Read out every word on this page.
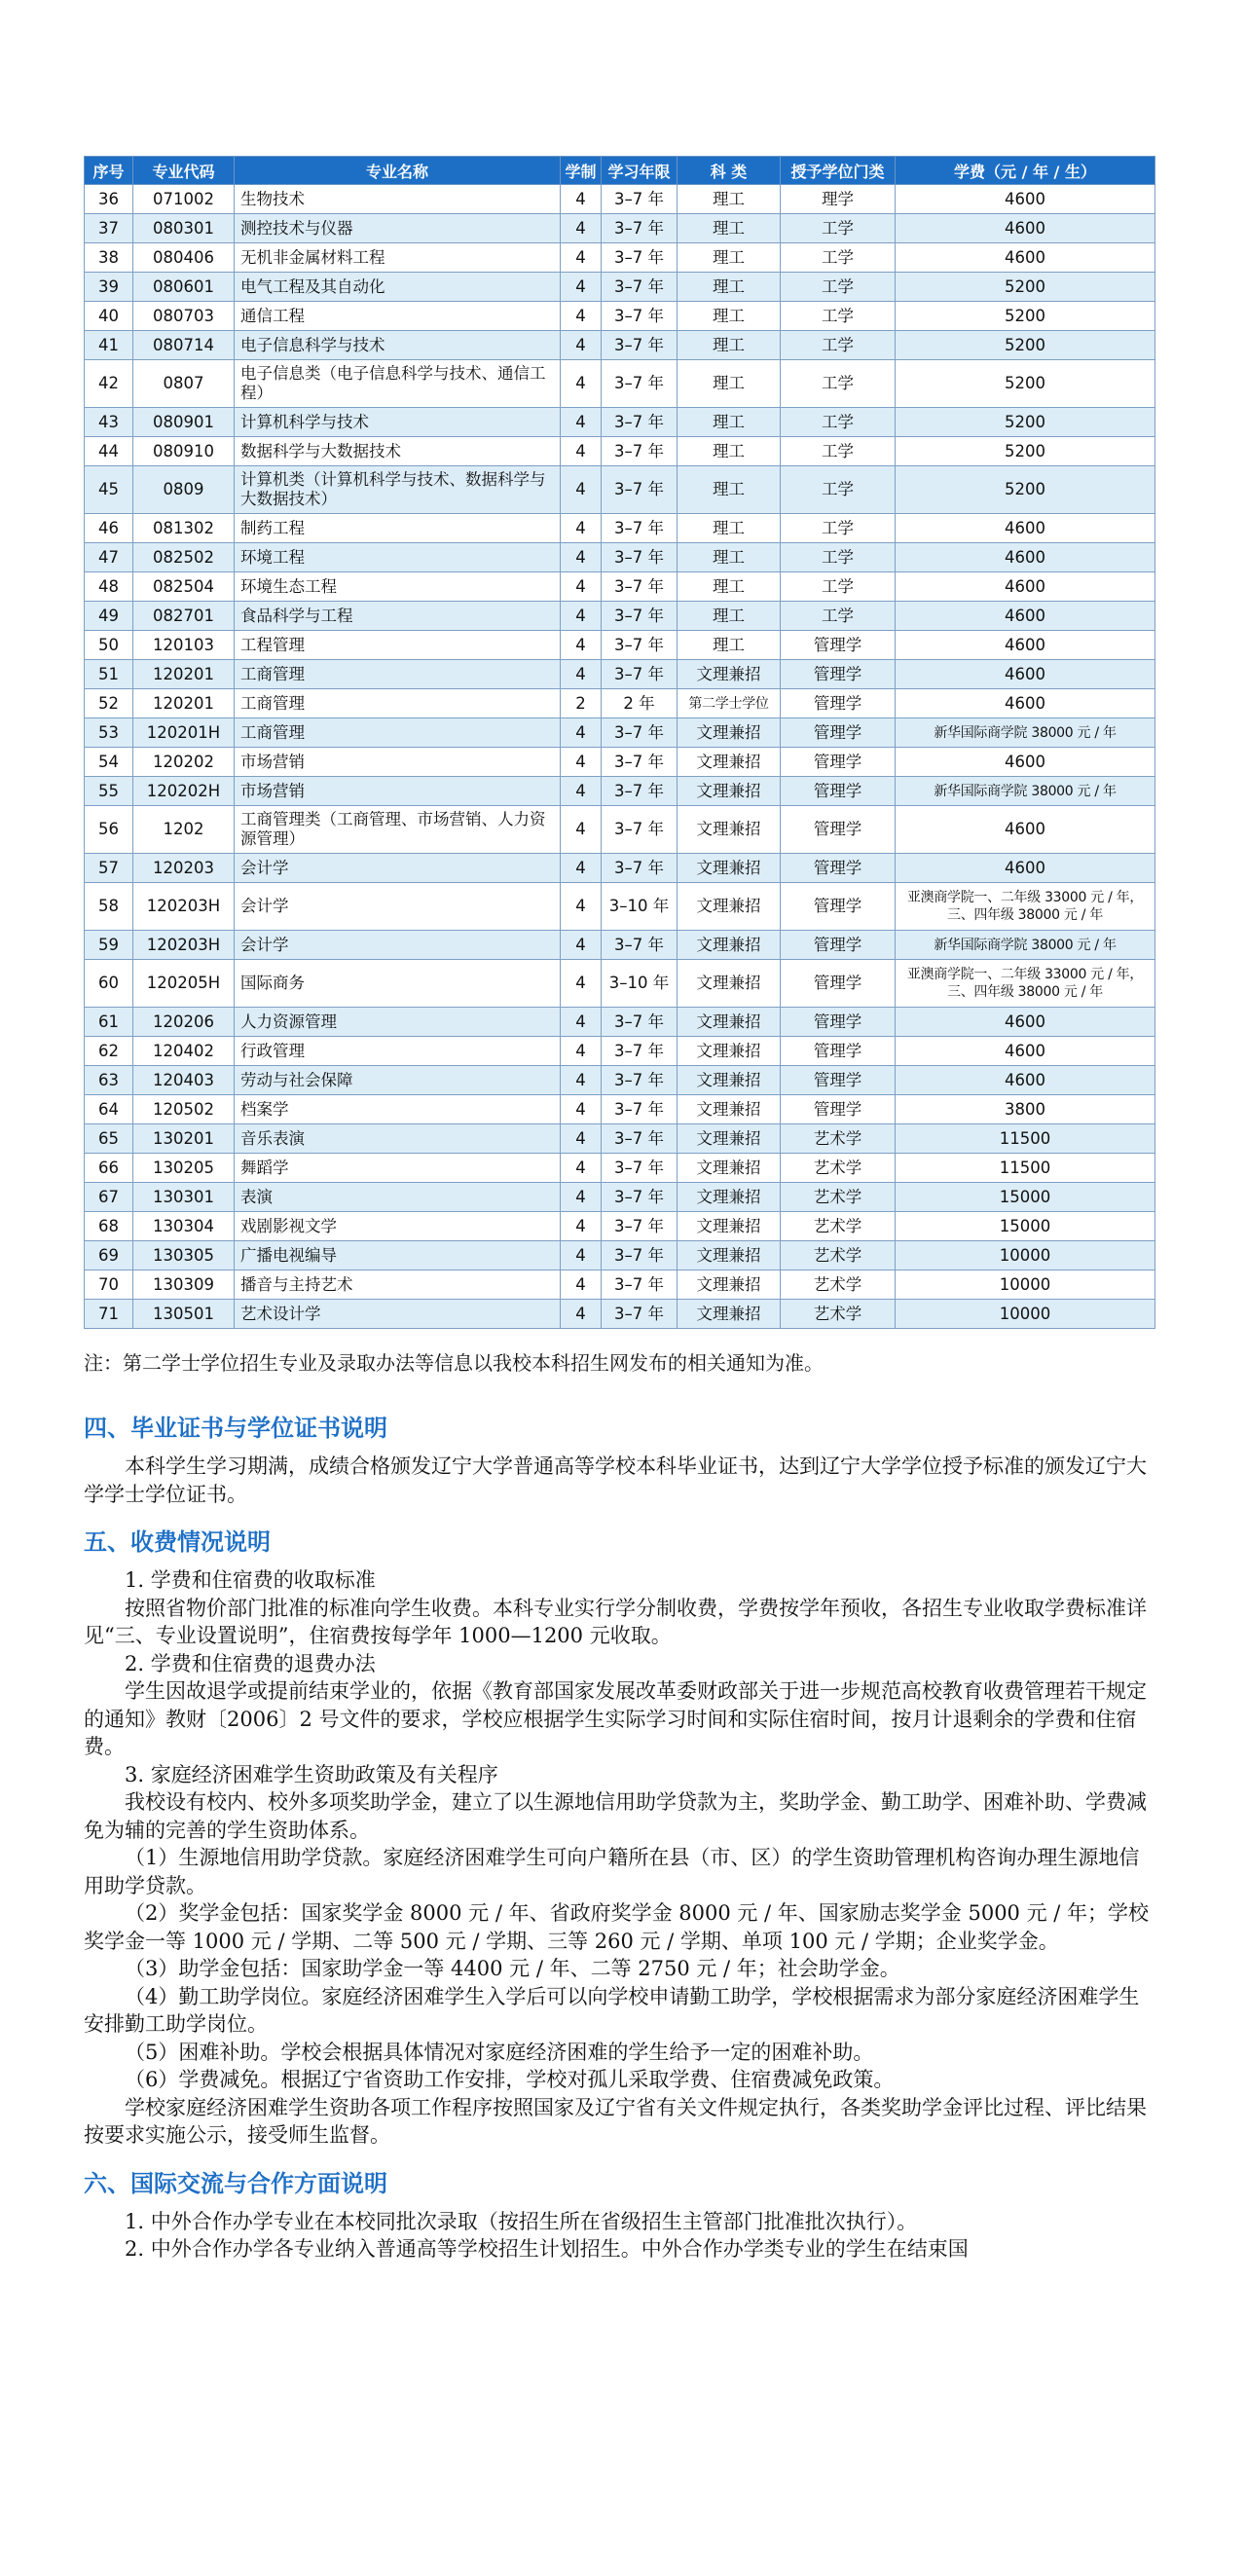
序号	专业代码	专业名称	学制	学习年限	科 类	授予学位门类	学费（元 / 年 / 生）
36	071002	生物技术	4	3–7 年	理工	理学	4600
37	080301	测控技术与仪器	4	3–7 年	理工	工学	4600
38	080406	无机非金属材料工程	4	3–7 年	理工	工学	4600
39	080601	电气工程及其自动化	4	3–7 年	理工	工学	5200
40	080703	通信工程	4	3–7 年	理工	工学	5200
41	080714	电子信息科学与技术	4	3–7 年	理工	工学	5200
42	0807	电子信息类（电子信息科学与技术、通信工程）	4	3–7 年	理工	工学	5200
43	080901	计算机科学与技术	4	3–7 年	理工	工学	5200
44	080910	数据科学与大数据技术	4	3–7 年	理工	工学	5200
45	0809	计算机类（计算机科学与技术、数据科学与大数据技术）	4	3–7 年	理工	工学	5200
46	081302	制药工程	4	3–7 年	理工	工学	4600
47	082502	环境工程	4	3–7 年	理工	工学	4600
48	082504	环境生态工程	4	3–7 年	理工	工学	4600
49	082701	食品科学与工程	4	3–7 年	理工	工学	4600
50	120103	工程管理	4	3–7 年	理工	管理学	4600
51	120201	工商管理	4	3–7 年	文理兼招	管理学	4600
52	120201	工商管理	2	2 年	第二学士学位	管理学	4600
53	120201H	工商管理	4	3–7 年	文理兼招	管理学	新华国际商学院 38000 元 / 年
54	120202	市场营销	4	3–7 年	文理兼招	管理学	4600
55	120202H	市场营销	4	3–7 年	文理兼招	管理学	新华国际商学院 38000 元 / 年
56	1202	工商管理类（工商管理、市场营销、人力资源管理）	4	3–7 年	文理兼招	管理学	4600
57	120203	会计学	4	3–7 年	文理兼招	管理学	4600
58	120203H	会计学	4	3–10 年	文理兼招	管理学	亚澳商学院一、二年级 33000 元 / 年，三、四年级 38000 元 / 年
59	120203H	会计学	4	3–7 年	文理兼招	管理学	新华国际商学院 38000 元 / 年
60	120205H	国际商务	4	3–10 年	文理兼招	管理学	亚澳商学院一、二年级 33000 元 / 年，三、四年级 38000 元 / 年
61	120206	人力资源管理	4	3–7 年	文理兼招	管理学	4600
62	120402	行政管理	4	3–7 年	文理兼招	管理学	4600
63	120403	劳动与社会保障	4	3–7 年	文理兼招	管理学	4600
64	120502	档案学	4	3–7 年	文理兼招	管理学	3800
65	130201	音乐表演	4	3–7 年	文理兼招	艺术学	11500
66	130205	舞蹈学	4	3–7 年	文理兼招	艺术学	11500
67	130301	表演	4	3–7 年	文理兼招	艺术学	15000
68	130304	戏剧影视文学	4	3–7 年	文理兼招	艺术学	15000
69	130305	广播电视编导	4	3–7 年	文理兼招	艺术学	10000
70	130309	播音与主持艺术	4	3–7 年	文理兼招	艺术学	10000
71	130501	艺术设计学	4	3–7 年	文理兼招	艺术学	10000
注：第二学士学位招生专业及录取办法等信息以我校本科招生网发布的相关通知为准。
四、毕业证书与学位证书说明

本科学生学习期满，成绩合格颁发辽宁大学普通高等学校本科毕业证书，达到辽宁大学学位授予标准的颁发辽宁大学学士学位证书。

五、收费情况说明

1. 学费和住宿费的收取标准

按照省物价部门批准的标准向学生收费。本科专业实行学分制收费，学费按学年预收，各招生专业收取学费标准详见“三、专业设置说明”，住宿费按每学年 1000—1200 元收取。

2. 学费和住宿费的退费办法

学生因故退学或提前结束学业的，依据《教育部国家发展改革委财政部关于进一步规范高校教育收费管理若干规定的通知》教财〔2006〕2 号文件的要求，学校应根据学生实际学习时间和实际住宿时间，按月计退剩余的学费和住宿费。

3. 家庭经济困难学生资助政策及有关程序

我校设有校内、校外多项奖助学金，建立了以生源地信用助学贷款为主，奖助学金、勤工助学、困难补助、学费减免为辅的完善的学生资助体系。

（1）生源地信用助学贷款。家庭经济困难学生可向户籍所在县（市、区）的学生资助管理机构咨询办理生源地信用助学贷款。

（2）奖学金包括：国家奖学金 8000 元 / 年、省政府奖学金 8000 元 / 年、国家励志奖学金 5000 元 / 年；学校奖学金一等 1000 元 / 学期、二等 500 元 / 学期、三等 260 元 / 学期、单项 100 元 / 学期；企业奖学金。

（3）助学金包括：国家助学金一等 4400 元 / 年、二等 2750 元 / 年；社会助学金。

（4）勤工助学岗位。家庭经济困难学生入学后可以向学校申请勤工助学，学校根据需求为部分家庭经济困难学生安排勤工助学岗位。

（5）困难补助。学校会根据具体情况对家庭经济困难的学生给予一定的困难补助。

（6）学费减免。根据辽宁省资助工作安排，学校对孤儿采取学费、住宿费减免政策。

学校家庭经济困难学生资助各项工作程序按照国家及辽宁省有关文件规定执行，各类奖助学金评比过程、评比结果按要求实施公示，接受师生监督。

六、国际交流与合作方面说明

1. 中外合作办学专业在本校同批次录取（按招生所在省级招生主管部门批准批次执行）。

2. 中外合作办学各专业纳入普通高等学校招生计划招生。中外合作办学类专业的学生在结束国
